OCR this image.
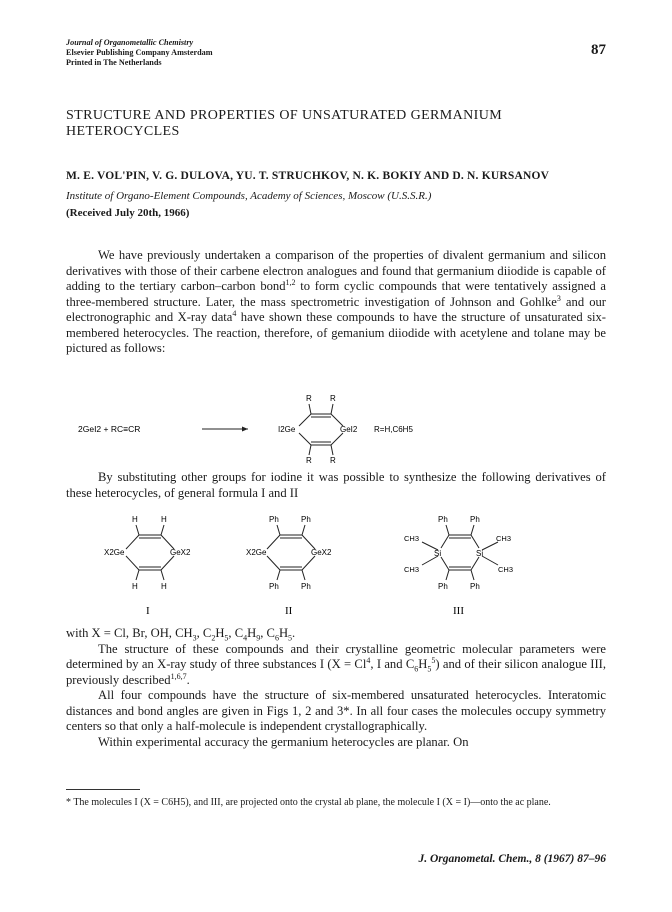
Journal of Organometallic Chemistry
Elsevier Publishing Company Amsterdam
Printed in The Netherlands
87
STRUCTURE AND PROPERTIES OF UNSATURATED GERMANIUM
HETEROCYCLES
M. E. VOL'PIN, V. G. DULOVA, YU. T. STRUCHKOV, N. K. BOKIY AND D. N. KURSANOV
Institute of Organo-Element Compounds, Academy of Sciences, Moscow (U.S.S.R.)
(Received July 20th, 1966)

We have previously undertaken a comparison of the properties of divalent germanium and silicon derivatives with those of their carbene electron analogues and found that germanium diiodide is capable of adding to the tertiary carbon–carbon bond$^{1,2}$ to form cyclic compounds that were tentatively assigned a three-membered structure. Later, the mass spectrometric investigation of Johnson and Gohlke$^3$ and our electronographic and X-ray data$^4$ have shown these compounds to have the structure of unsaturated six-membered heterocycles. The reaction, therefore, of gemanium diiodide with acetylene and tolane may be pictured as follows:

2GeI2 + RC≡CR
R R
R R
I2Ge	GeI2 R=H,C6H5

By substituting other groups for iodine it was possible to synthesize the following derivatives of these heterocycles, of general formula I and II

H	H
H	H
X2Ge	GeX2
I
Ph	Ph
Ph	Ph
X2Ge	GeX2
II
Ph	Ph
Ph	Ph
Si	Si
CH3	CH3
CH3	CH3
III

with X = Cl, Br, OH, $CH_3$, $C_2H_5$, $C_4H_9$, $C_6H_5$.

The structure of these compounds and their crystalline geometric molecular parameters were determined by an X-ray study of three substances I ($X = Cl^4$, I and $C_6H_5^5$) and of their silicon analogue III, previously described$^{1,6,7}$.

All four compounds have the structure of six-membered unsaturated heterocycles. Interatomic distances and bond angles are given in Figs 1, 2 and 3*. In all four cases the molecules occupy symmetry centers so that only a half-molecule is independent crystallographically.

Within experimental accuracy the germanium heterocycles are planar. On

* The molecules I (X = C6H5), and III, are projected onto the crystal ab plane, the molecule I (X = I)—onto the ac plane.
J. Organometal. Chem., 8 (1967) 87–96
